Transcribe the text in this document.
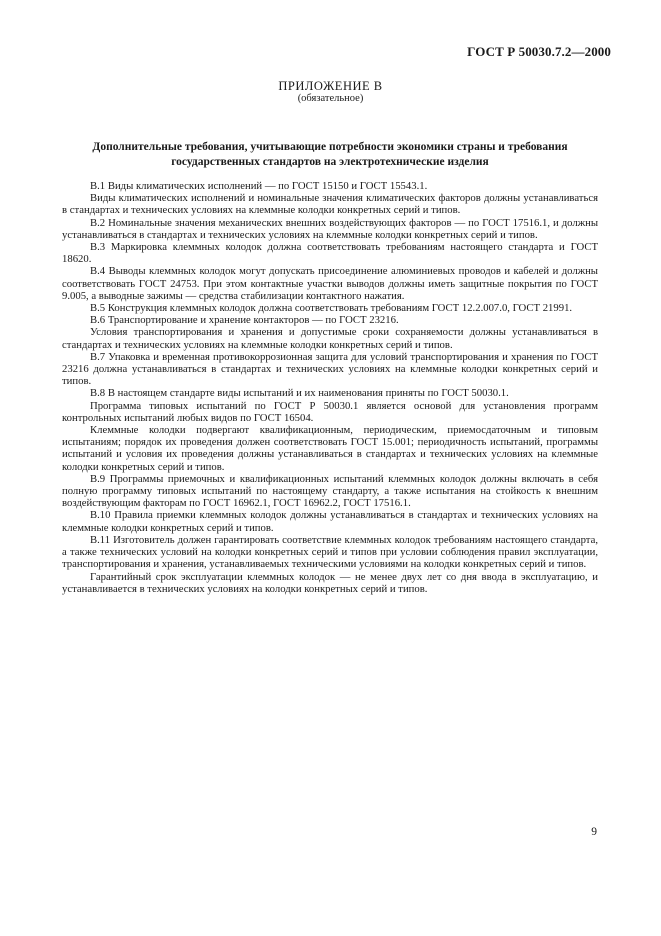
ГОСТ Р 50030.7.2—2000
ПРИЛОЖЕНИЕ В
(обязательное)
Дополнительные требования, учитывающие потребности экономики страны и требования
государственных стандартов на электротехнические изделия

В.1 Виды климатических исполнений — по ГОСТ 15150 и ГОСТ 15543.1.

Виды климатических исполнений и номинальные значения климатических факторов должны устанавливаться в стандартах и технических условиях на клеммные колодки конкретных серий и типов.

В.2 Номинальные значения механических внешних воздействующих факторов — по ГОСТ 17516.1, и должны устанавливаться в стандартах и технических условиях на клеммные колодки конкретных серий и типов.

В.3 Маркировка клеммных колодок должна соответствовать требованиям настоящего стандарта и ГОСТ 18620.

В.4 Выводы клеммных колодок могут допускать присоединение алюминиевых проводов и кабелей и должны соответствовать ГОСТ 24753. При этом контактные участки выводов должны иметь защитные покрытия по ГОСТ 9.005, а выводные зажимы — средства стабилизации контактного нажатия.

В.5 Конструкция клеммных колодок должна соответствовать требованиям ГОСТ 12.2.007.0, ГОСТ 21991.

В.6 Транспортирование и хранение контакторов — по ГОСТ 23216.

Условия транспортирования и хранения и допустимые сроки сохраняемости должны устанавливаться в стандартах и технических условиях на клеммные колодки конкретных серий и типов.

В.7 Упаковка и временная противокоррозионная защита для условий транспортирования и хранения по ГОСТ 23216 должна устанавливаться в стандартах и технических условиях на клеммные колодки конкретных серий и типов.

В.8 В настоящем стандарте виды испытаний и их наименования приняты по ГОСТ 50030.1.

Программа типовых испытаний по ГОСТ Р 50030.1 является основой для установления программ контрольных испытаний любых видов по ГОСТ 16504.

Клеммные колодки подвергают квалификационным, периодическим, приемосдаточным и типовым испытаниям; порядок их проведения должен соответствовать ГОСТ 15.001; периодичность испытаний, программы испытаний и условия их проведения должны устанавливаться в стандартах и технических условиях на клеммные колодки конкретных серий и типов.

В.9 Программы приемочных и квалификационных испытаний клеммных колодок должны включать в себя полную программу типовых испытаний по настоящему стандарту, а также испытания на стойкость к внешним воздействующим факторам по ГОСТ 16962.1, ГОСТ 16962.2, ГОСТ 17516.1.

В.10 Правила приемки клеммных колодок должны устанавливаться в стандартах и технических условиях на клеммные колодки конкретных серий и типов.

В.11 Изготовитель должен гарантировать соответствие клеммных колодок требованиям настоящего стандарта, а также технических условий на колодки конкретных серий и типов при условии соблюдения правил эксплуатации, транспортирования и хранения, устанавливаемых техническими условиями на колодки конкретных серий и типов.

Гарантийный срок эксплуатации клеммных колодок — не менее двух лет со дня ввода в эксплуатацию, и устанавливается в технических условиях на колодки конкретных серий и типов.

9
